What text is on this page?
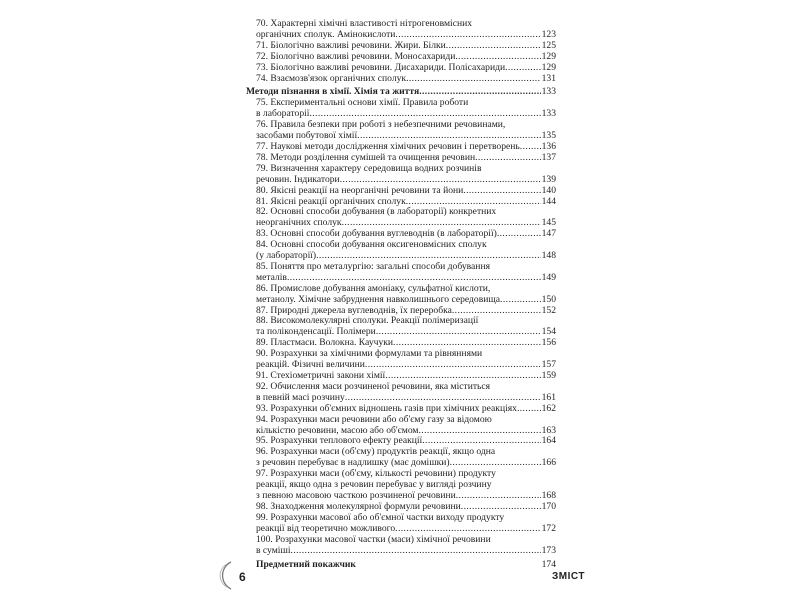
70. Характерні хімічні властивості нітрогеновмісних
органічних сполук. Амінокислоти .....	123
71.
Біологічно важливі речовини. Жири. Білки .....	125
72.
Біологічно важливі речовини. Моносахариди .....	129
73.
Біологічно важливі речовини. Дисахариди. Полісахариди .....	129
74.
Взаємозв'язок органічних сполук .....	131
Методи пізнання в хімії. Хімія та життя .....	133
75. Експериментальні основи хімії. Правила роботи
в лабораторії .....	133
76. Правила безпеки при роботі з небезпечними речовинами,
засобами побутової хімії .....	135
77.
Наукові методи дослідження хімічних речовин і перетворень ..... 136
78.
Методи розділення сумішей та очищення речовин .....	137
79. Визначення характеру середовища водних розчинів
речовин. Індикатори .....	139
80.
Якісні реакції на неорганічні речовини та йони .....	140
81.
Якісні реакції органічних сполук .....	144
82. Основні способи добування (в лабораторії) конкретних
неорганічних сполук .....	145
83.
Основні способи добування вуглеводнів (в лабораторії) .....	147
84. Основні способи добування оксигеновмісних сполук
(у лабораторії) .....	148
85. Поняття про металургію: загальні способи добування
металів .....	149
86. Промислове добування амоніаку, сульфатної кислоти,
метанолу. Хімічне забруднення навколишнього середовища .....	150
87.
Природні джерела вуглеводнів, їх переробка .....	152
88. Високомолекулярні сполуки. Реакції полімеризації
та поліконденсації. Полімери .....	154
89.
Пластмаси. Волокна. Каучуки .....	156
90. Розрахунки за хімічними формулами та рівняннями
реакцій. Фізичні величини .....	157
91.
Стехіометричні закони хімії .....	159
92. Обчислення маси розчиненої речовини, яка міститься
в певній масі розчину .....	161
93.
Розрахунки об'ємних відношень газів при хімічних реакціях .....	162
94. Розрахунки маси речовини або об'єму газу за відомою
кількістю речовини, масою або об'ємом .....	163
95.
Розрахунки теплового ефекту реакції .....	164
96. Розрахунки маси (об'єму) продуктів реакції, якщо одна
з речовин перебуває в надлишку (має домішки) .....	166
97. Розрахунки маси (об'єму, кількості речовини) продукту
реакції, якщо одна з речовин перебуває у вигляді розчину
з певною масовою часткою розчиненої речовини .....	168
98.
Знаходження молекулярної формули речовини .....	170
99. Розрахунки масової або об'ємної частки виходу продукту
реакції від теоретично можливого .....	172
100. Розрахунки масової частки (маси) хімічної речовини
в суміші .....	173
Предметний покажчик	174
6	ЗМІСТ
